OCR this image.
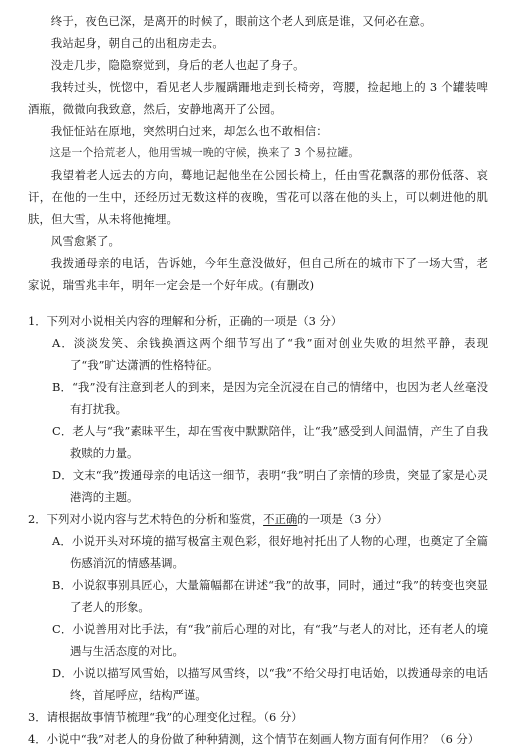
终于，夜色已深，是离开的时候了，眼前这个老人到底是谁，又何必在意。

我站起身，朝自己的出租房走去。

没走几步，隐隐察觉到，身后的老人也起了身子。

我转过头，恍惚中，看见老人步履蹒跚地走到长椅旁，弯腰，捡起地上的 3 个罐装啤酒瓶，微微向我致意，然后，安静地离开了公园。

我怔怔站在原地，突然明白过来，却怎么也不敢相信：

这是一个拾荒老人，他用雪城一晚的守候，换来了 3 个易拉罐。

我望着老人远去的方向，蓦地记起他坐在公园长椅上，任由雪花飘落的那份低落、哀讦，在他的一生中，还经历过无数这样的夜晚，雪花可以落在他的头上，可以刺进他的肌肤，但大雪，从未将他掩埋。

风雪愈紧了。

我拨通母亲的电话，告诉她，今年生意没做好，但自己所在的城市下了一场大雪，老家说，瑞雪兆丰年，明年一定会是一个好年成。(有删改)

1．下列对小说相关内容的理解和分析，正确的一项是（3 分）

A．淡淡发笑、余钱换酒这两个细节写出了“我”面对创业失败的坦然平静，表现了“我”旷达潇洒的性格特征。

B．“我”没有注意到老人的到来，是因为完全沉浸在自己的情绪中，也因为老人丝毫没有打扰我。

C．老人与“我”素昧平生，却在雪夜中默默陪伴，让“我”感受到人间温情，产生了自我救赎的力量。

D．文末“我”拨通母亲的电话这一细节，表明“我”明白了亲情的珍贵，突显了家是心灵港湾的主题。

2．下列对小说内容与艺术特色的分析和鉴赏，不正确的一项是（3 分）

A．小说开头对环境的描写极富主观色彩，很好地衬托出了人物的心理，也奠定了全篇伤感消沉的情感基调。

B．小说叙事别具匠心，大量篇幅都在讲述“我”的故事，同时，通过“我”的转变也突显了老人的形象。

C．小说善用对比手法，有“我”前后心理的对比，有“我”与老人的对比，还有老人的境遇与生活态度的对比。

D．小说以描写风雪始，以描写风雪终，以“我”不给父母打电话始，以拨通母亲的电话终，首尾呼应，结构严谨。

3．请根据故事情节梳理“我”的心理变化过程。（6 分）

4．小说中“我”对老人的身份做了种种猜测，这个情节在刻画人物方面有何作用？（6 分）
